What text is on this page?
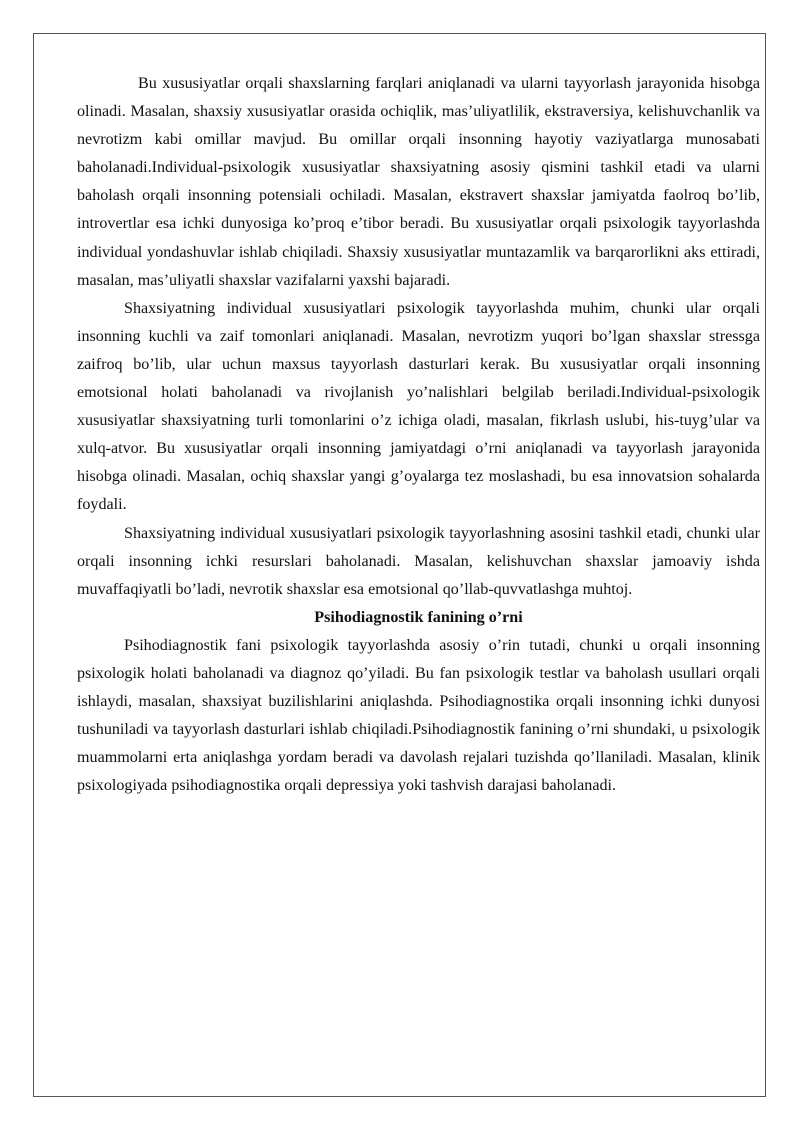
Bu xususiyatlar orqali shaxslarning farqlari aniqlanadi va ularni tayyorlash jarayonida hisobga olinadi. Masalan, shaxsiy xususiyatlar orasida ochiqlik, mas’uliyatlilik, ekstraversiya, kelishuvchanlik va nevrotizm kabi omillar mavjud. Bu omillar orqali insonning hayotiy vaziyatlarga munosabati baholanadi.Individual-psixologik xususiyatlar shaxsiyatning asosiy qismini tashkil etadi va ularni baholash orqali insonning potensiali ochiladi. Masalan, ekstravert shaxslar jamiyatda faolroq bo’lib, introvertlar esa ichki dunyosiga ko’proq e’tibor beradi. Bu xususiyatlar orqali psixologik tayyorlashda individual yondashuvlar ishlab chiqiladi. Shaxsiy xususiyatlar muntazamlik va barqarorlikni aks ettiradi, masalan, mas’uliyatli shaxslar vazifalarni yaxshi bajaradi.

Shaxsiyatning individual xususiyatlari psixologik tayyorlashda muhim, chunki ular orqali insonning kuchli va zaif tomonlari aniqlanadi. Masalan, nevrotizm yuqori bo’lgan shaxslar stressga zaifroq bo’lib, ular uchun maxsus tayyorlash dasturlari kerak. Bu xususiyatlar orqali insonning emotsional holati baholanadi va rivojlanish yo’nalishlari belgilab beriladi.Individual-psixologik xususiyatlar shaxsiyatning turli tomonlarini o’z ichiga oladi, masalan, fikrlash uslubi, his-tuyg’ular va xulq-atvor. Bu xususiyatlar orqali insonning jamiyatdagi o’rni aniqlanadi va tayyorlash jarayonida hisobga olinadi. Masalan, ochiq shaxslar yangi g’oyalarga tez moslashadi, bu esa innovatsion sohalarda foydali.

Shaxsiyatning individual xususiyatlari psixologik tayyorlashning asosini tashkil etadi, chunki ular orqali insonning ichki resurslari baholanadi. Masalan, kelishuvchan shaxslar jamoaviy ishda muvaffaqiyatli bo’ladi, nevrotik shaxslar esa emotsional qo’llab-quvvatlashga muhtoj.

Psihodiagnostik fanining o’rni

Psihodiagnostik fani psixologik tayyorlashda asosiy o’rin tutadi, chunki u orqali insonning psixologik holati baholanadi va diagnoz qo’yiladi. Bu fan psixologik testlar va baholash usullari orqali ishlaydi, masalan, shaxsiyat buzilishlarini aniqlashda. Psihodiagnostika orqali insonning ichki dunyosi tushuniladi va tayyorlash dasturlari ishlab chiqiladi.Psihodiagnostik fanining o’rni shundaki, u psixologik muammolarni erta aniqlashga yordam beradi va davolash rejalari tuzishda qo’llaniladi. Masalan, klinik psixologiyada psihodiagnostika orqali depressiya yoki tashvish darajasi baholanadi.
